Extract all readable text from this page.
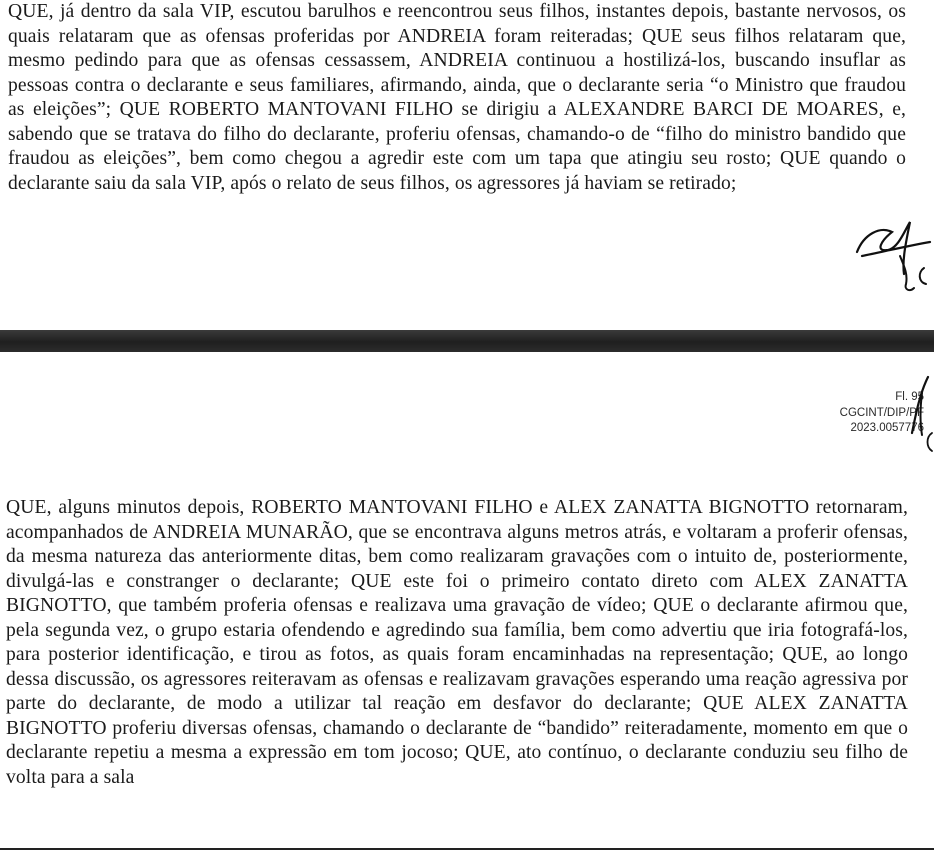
QUE, já dentro da sala VIP, escutou barulhos e reencontrou seus filhos, instantes depois, bastante nervosos, os quais relataram que as ofensas proferidas por ANDREIA foram reiteradas; QUE seus filhos relataram que, mesmo pedindo para que as ofensas cessassem, ANDREIA continuou a hostilizá-los, buscando insuflar as pessoas contra o declarante e seus familiares, afirmando, ainda, que o declarante seria “o Ministro que fraudou as eleições”; QUE ROBERTO MANTOVANI FILHO se dirigiu a ALEXANDRE BARCI DE MOARES, e, sabendo que se tratava do filho do declarante, proferiu ofensas, chamando-o de “filho do ministro bandido que fraudou as eleições”, bem como chegou a agredir este com um tapa que atingiu seu rosto; QUE quando o declarante saiu da sala VIP, após o relato de seus filhos, os agressores já haviam se retirado;

Fl. 95
CGCINT/DIP/PF
2023.0057776

QUE, alguns minutos depois, ROBERTO MANTOVANI FILHO e ALEX ZANATTA BIGNOTTO retornaram, acompanhados de ANDREIA MUNARÃO, que se encontrava alguns metros atrás, e voltaram a proferir ofensas, da mesma natureza das anteriormente ditas, bem como realizaram gravações com o intuito de, posteriormente, divulgá-las e constranger o declarante; QUE este foi o primeiro contato direto com ALEX ZANATTA BIGNOTTO, que também proferia ofensas e realizava uma gravação de vídeo; QUE o declarante afirmou que, pela segunda vez, o grupo estaria ofendendo e agredindo sua família, bem como advertiu que iria fotografá-los, para posterior identificação, e tirou as fotos, as quais foram encaminhadas na representação; QUE, ao longo dessa discussão, os agressores reiteravam as ofensas e realizavam gravações esperando uma reação agressiva por parte do declarante, de modo a utilizar tal reação em desfavor do declarante; QUE ALEX ZANATTA BIGNOTTO proferiu diversas ofensas, chamando o declarante de “bandido” reiteradamente, momento em que o declarante repetiu a mesma a expressão em tom jocoso; QUE, ato contínuo, o declarante conduziu seu filho de volta para a sala
